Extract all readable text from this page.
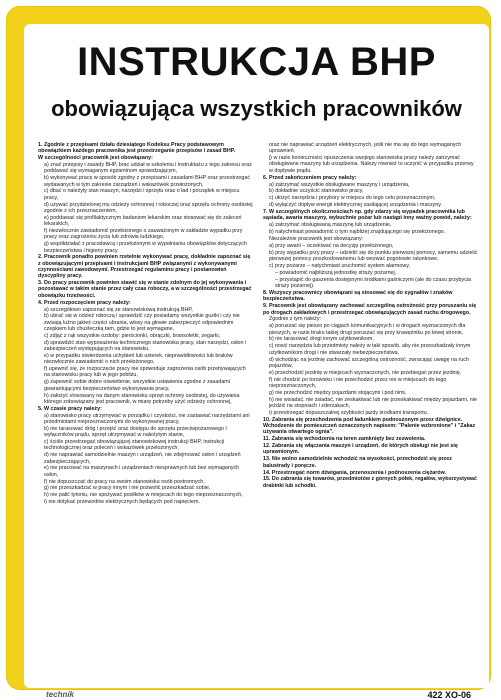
INSTRUKCJA BHP
obowiązująca wszystkich pracowników

1. Zgodnie z przepisami działu dziesiątego Kodeksu Pracy podstawowym obowiązkiem każdego pracownika jest przestrzeganie przepisów i zasad BHP.

W szczególności pracownik jest obowiązany:

a) znać przepisy i zasady BHP, brać udział w szkoleniu i instruktażu z tego zakresu oraz poddawać się wymaganym egzaminom sprawdzającym,

b) wykonywać pracę w sposób zgodny z przepisami i zasadami BHP oraz przestrzegać wydawanych w tym zakresie zarządzeń i wskazówek przełożonych,

c) dbać o należyty stan maszyn, narzędzi i sprzętu oraz o ład i porządek w miejscu pracy,

d) używać przydzielonej mu odzieży ochronnej i roboczej oraz sprzętu ochrony osobistej zgodnie z ich przeznaczeniem,

e) poddawać się profilaktycznym badaniom lekarskim oraz stosować się do zaleceń lekarskich,

f) niezwłocznie zawiadomić przełożonego o zauważonym w zakładzie wypadku przy pracy oraz zagrożeniu życia lub zdrowia ludzkiego,

g) współdziałać z pracodawcą i przełożonymi w wypełnianiu obowiązków dotyczących bezpieczeństwa i higieny pracy.

2. Pracownik ponadto powinien rzetelnie wykonywać pracę, dokładnie zapoznać się z obowiązującymi przepisami i instrukcjami BHP związanymi z wykonywanymi czynnościami zawodowymi. Przestrzegać regulaminu pracy i postanowień dyscypliny pracy.

3. Do pracy pracownik powinien stawić się w stanie zdolnym do jej wykonywania i pozostawać w takim stanie przez cały czas roboczy, a w szczególności przestrzegać obowiązku trzeźwości.

4. Przed rozpoczęciem pracy należy:

a) szczegółowo zapoznać się ze stanowiskową instrukcją BHP,

b) ubrać się w odzież roboczą i sprawdzić czy posiadamy wszystkie guziki i czy nie zwisają luźno jakieś części ubrania, włosy na głowie zabezpieczyć odpowiednim czepkiem lub chusteczką tam, gdzie to jest wymagane,

c) zdjąć z rąk wszystkie ozdoby: pierścionki, obrączki, bransoletki, zegarki,

d) sprawdzić stan wyposażenia technicznego stanowiska pracy, stan narzędzi, osłon i zabezpieczeń występujących na stanowisku,

e) w przypadku stwierdzenia uchybień lub usterek, nieprawidłowości lub braków niezwłocznie zawiadomić o nich przełożonego,

f) upewnić się, że rozpoczęcie pracy nie spowoduje zagrożenia osób przebywających na stanowisku pracy lub w jego pobliżu,

g) zapewnić sobie dobre oświetlenie, wszystkie ustawienia zgodne z zasadami gwarantującymi bezpieczeństwo wykonywania pracy,

h) założyć stosowany na danym stanowisku sprzęt ochrony osobistej, do używania którego zobowiązany jest pracownik, w miarę potrzeby użyć odzieży ochronnej,

5. W czasie pracy należy:

a) stanowisko pracy utrzymywać w porządku i czystości, nie zastawiać narzędziami ani przedmiotami nieprzeznaczonymi do wykonywanej pracy,

b) nie tarasować dróg i przejść oraz dostępu do sprzętu przeciwpożarowego i wyłączników prądu, sprzęt utrzymywać w należytym stanie,

c) ściśle przestrzegać obowiązującej stanowiskowej instrukcji BHP, instrukcji technologicznej oraz poleceń i wskazówek przełożonych,

d) nie naprawiać samodzielnie maszyn i urządzeń, nie zdejmować osłon i urządzeń zabezpieczających,

e) nie pracować na maszynach i urządzeniach niesprawnych lub bez wymaganych osłon,

f) nie dopuszczać do pracy na swoim stanowisku osób postronnych,

g) nie przeszkadzać w pracy innym i nie pozwolić przeszkadzać sobie,

h) nie palić tytoniu, nie spożywać posiłków w miejscach do tego nieprzeznaczonych,

i) nie dotykać przewodów elektrycznych będących pod napięciem.

oraz nie naprawiać urządzeń elektrycznych, jeśli nie ma się do tego wymaganych uprawnień,

j) w razie konieczności opuszczenia swojego stanowiska pracy należy zatrzymać obsługiwane maszyny lub urządzenia. Należy również to uczynić w przypadku przerwy w dopływie prądu.

6. Przed zakończeniem pracy należy:

a) zatrzymać wszystkie obsługiwane maszyny i urządzenia,

b) dokładnie uczyścić stanowisko pracy,

c) ułożyć narzędzia i przybory w miejscu do tego celu przeznaczonym,

d) wyłączyć dopływ energii elektrycznej zasilającej urządzenia i maszyny.

7. W szczególnych okolicznościach np. gdy zdarzy się wypadek pracownika lub sąsiada, awaria maszyny, wybuchnie pożar lub nastąpi inny ważny powód, należy:

a) zatrzymać obsługiwaną maszynę lub urządzenie,

b) natychmiast powiadomić o tym najbliżej znajdującego się przełożonego.

Niezależnie pracownik jest obowiązany:

a) przy awarii – oczekiwać na decyzję przełożonego,

b) przy wypadku przy pracy – udzielić się do punktu pierwszej pomocy, samemu udzielić pierwszej pomocy poszkodowanemu lub wezwać pogotowie ratunkowe,

c) przy pożarze – natychmiast uruchomić system alarmowy,

– powiadomić najbliższą jednostkę straży pożarnej,

– przystąpić do gaszenia dostępnymi środkami gaśniczymi (ale do czasu przybycia straży pożarnej).

8. Wszyscy pracownicy obowiązani są stosować się do sygnałów i znaków bezpieczeństwa.

9. Pracownik jest obowiązany zachować szczególną ostrożność przy poruszaniu się po drogach zakładowych i przestrzegać obowiązujących zasad ruchu drogowego.

Zgodnie z tym należy:

a) poruszać się pieszo po ciągach komunikacyjnych i w drogach wyznaczonych dla pieszych, w razie braku takiej drogi poruszać się przy krawężniku po lewej stronie,

b) nie tarasować drogi innym użytkownikom,

c) nosić narzędzia lub przedmioty należy w taki sposób, aby nie przeszkadzały innym użytkownikom drogi i nie stwarzały niebezpieczeństwa,

d) wchodząc na jezdnię zachować szczególną ostrożność, zwracając uwagę na ruch pojazdów,

e) przechodzić jezdnię w miejscach wyznaczonych, nie przebiegać przez jezdnię,

f) nie chodzić po torowisku i nie przechodzić przez nie w miejscach do tego nieprzeznaczonych,

g) nie przechodzić między pojazdami stojącymi i pod nimi,

h) nie wsiadać, nie zsiadać, nie zeskakiwać lub nie przeskakiwać między pojazdami, nie jeździć na stopniach i zderzakach,

i) przestrzegać dopuszczalnej szybkości jazdy środkami transportu.

10. Zabrania się przechodzenia pod ładunkiem podnoszonym przez dźwignice. Wchodzenie do pomieszczeń oznaczonych napisem: "Palenie wzbronione" i "Zakaz używania otwartego ognia".

11. Zabrania się wchodzenia na teren zamknięty bez zezwolenia.

12. Zabrania się włączania maszyn i urządzeń, do których obsługi nie jest się uprawnionym.

13. Nie wolno samodzielnie wchodzić na wysokości, przechodzić się przez balustrady i poręcze.

14. Przestrzegać norm dźwigania, przenoszenia i podnoszenia ciężarów.

15. Do zabrania się towarów, przedmiotów z górnych półek, regałów, wykorzystywać drabinki lub schodki.

technik	422 XO-06
